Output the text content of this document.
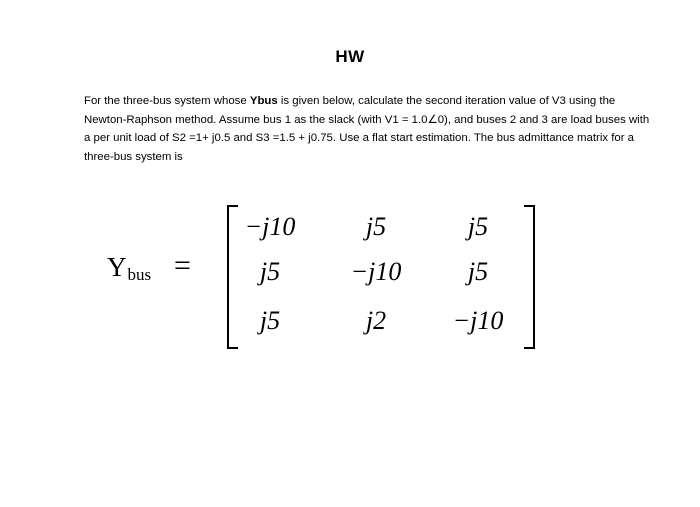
HW
For the three-bus system whose Ybus is given below, calculate the second iteration value of V3 using the Newton-Raphson method. Assume bus 1 as the slack (with V1 = 1.0∠0), and buses 2 and 3 are load buses with a per unit load of S2 =1+ j0.5 and S3 =1.5 + j0.75. Use a flat start estimation. The bus admittance matrix for a three-bus system is
$Y_{bus}$ =
−j10	j5	j5
j5	−j10	j5
j5	j2	−j10
